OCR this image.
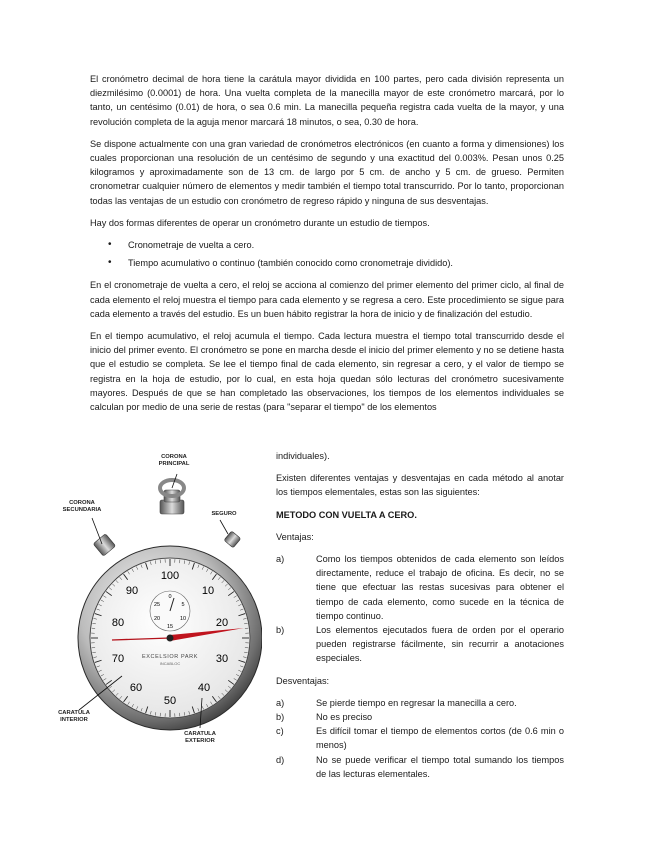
El cronómetro decimal de hora tiene la carátula mayor dividida en 100 partes, pero cada división representa un diezmilésimo (0.0001) de hora. Una vuelta completa de la manecilla mayor de este cronómetro marcará, por lo tanto, un centésimo (0.01) de hora, o sea 0.6 min. La manecilla pequeña registra cada vuelta de la mayor, y una revolución completa de la aguja menor marcará 18 minutos, o sea, 0.30 de hora.

Se dispone actualmente con una gran variedad de cronómetros electrónicos (en cuanto a forma y dimensiones) los cuales proporcionan una resolución de un centésimo de segundo y una exactitud del 0.003%. Pesan unos 0.25 kilogramos y aproximadamente son de 13 cm. de largo por 5 cm. de ancho y 5 cm. de grueso. Permiten cronometrar cualquier número de elementos y medir también el tiempo total transcurrido. Por lo tanto, proporcionan todas las ventajas de un estudio con cronómetro de regreso rápido y ninguna de sus desventajas.

Hay dos formas diferentes de operar un cronómetro durante un estudio de tiempos.

• Cronometraje de vuelta a cero.
• Tiempo acumulativo o continuo (también conocido como cronometraje dividido).

En el cronometraje de vuelta a cero, el reloj se acciona al comienzo del primer elemento del primer ciclo, al final de cada elemento el reloj muestra el tiempo para cada elemento y se regresa a cero. Este procedimiento se sigue para cada elemento a través del estudio. Es un buen hábito registrar la hora de inicio y de finalización del estudio.

En el tiempo acumulativo, el reloj acumula el tiempo. Cada lectura muestra el tiempo total transcurrido desde el inicio del primer evento. El cronómetro se pone en marcha desde el inicio del primer elemento y no se detiene hasta que el estudio se completa. Se lee el tiempo final de cada elemento, sin regresar a cero, y el valor de tiempo se registra en la hoja de estudio, por lo cual, en esta hoja quedan sólo lecturas del cronómetro sucesivamente mayores. Después de que se han completado las observaciones, los tiempos de los elementos individuales se calculan por medio de una serie de restas (para "separar el tiempo" de los elementos

100
10
20
30
40
50
60
70
80
90	0
5
10
15
20
25
EXCELSIOR PARK
INCABLOC
CORONA PRINCIPAL
CORONA SECUNDARIA
SEGURO
CARATULA INTERIOR
CARATULA EXTERIOR

individuales).

Existen diferentes ventajas y desventajas en cada método al anotar los tiempos elementales, estas son las siguientes:

METODO CON VUELTA A CERO.

Ventajas:

a)	Como los tiempos obtenidos de cada elemento son leídos directamente, reduce el trabajo de oficina. Es decir, no se tiene que efectuar las restas sucesivas para obtener el tiempo de cada elemento, como sucede en la técnica de tiempo continuo.
b)	Los elementos ejecutados fuera de orden por el operario pueden registrarse fácilmente, sin recurrir a anotaciones especiales.

Desventajas:

a)	Se pierde tiempo en regresar la manecilla a cero.
b)	No es preciso
c)	Es difícil tomar el tiempo de elementos cortos (de 0.6 min o menos)
d)	No se puede verificar el tiempo total sumando los tiempos de las lecturas elementales.
